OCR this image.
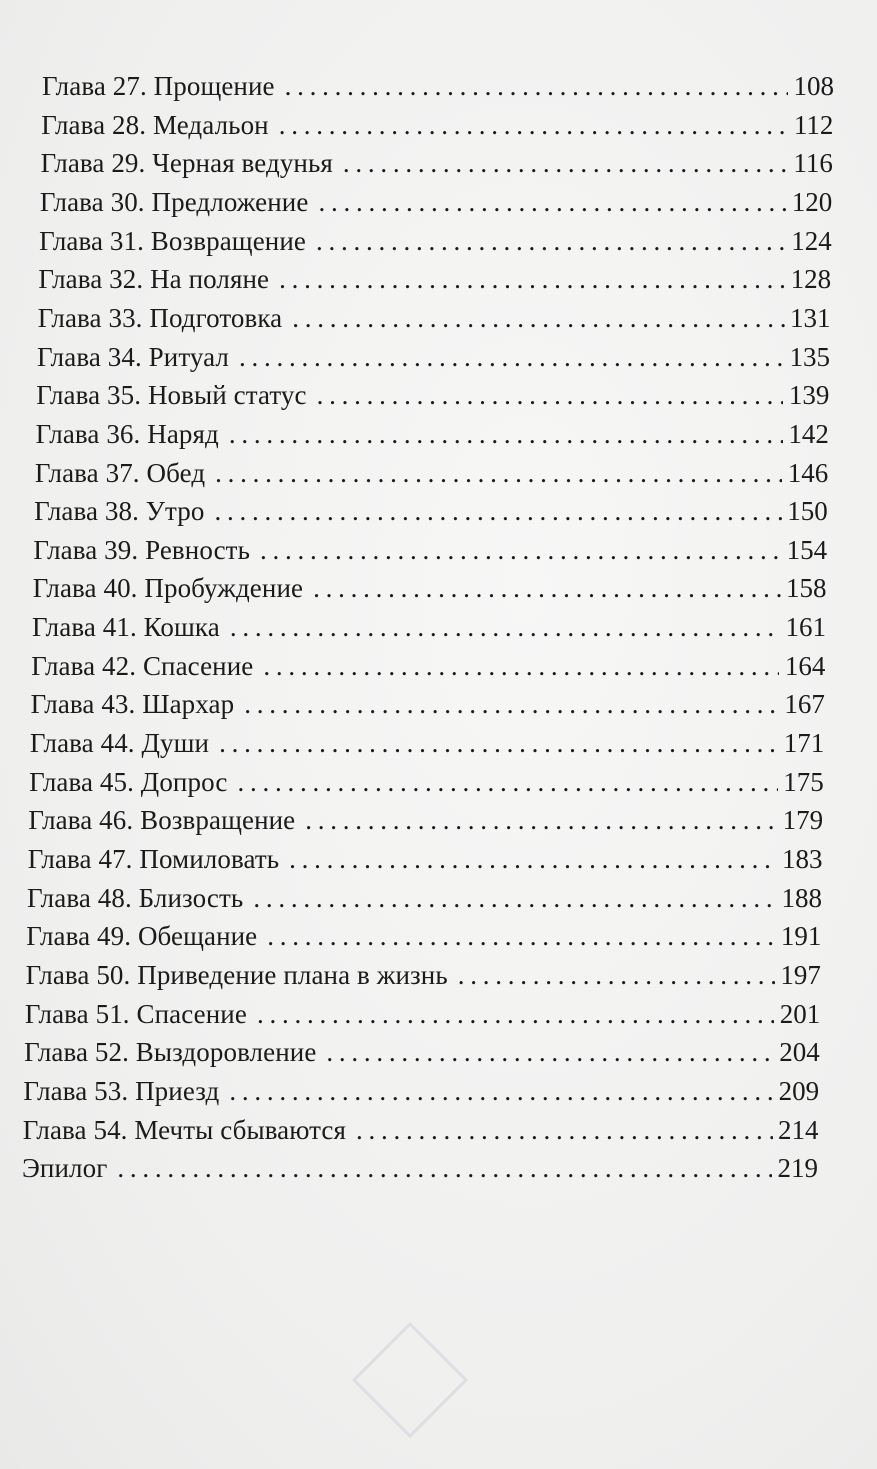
Глава 27. Прощение . . .	108
Глава 28. Медальон . . .	112
Глава 29. Черная ведунья . . .	116
Глава 30. Предложение . . .	120
Глава 31. Возвращение . . .	124
Глава 32. На поляне . . .	128
Глава 33. Подготовка . . .	131
Глава 34. Ритуал . . .	135
Глава 35. Новый статус . . .	139
Глава 36. Наряд . . .	142
Глава 37. Обед . . .	146
Глава 38. Утро . . .	150
Глава 39. Ревность . . .	154
Глава 40. Пробуждение . . .	158
Глава 41. Кошка . . .	161
Глава 42. Спасение . . .	164
Глава 43. Шархар . . .	167
Глава 44. Души . . .	171
Глава 45. Допрос . . .	175
Глава 46. Возвращение . . .	179
Глава 47. Помиловать . . .	183
Глава 48. Близость . . .	188
Глава 49. Обещание . . .	191
Глава 50. Приведение плана в жизнь . . .	197
Глава 51. Спасение . . .	201
Глава 52. Выздоровление . . .	204
Глава 53. Приезд . . .	209
Глава 54. Мечты сбываются . . .	214
Эпилог . . .	219
